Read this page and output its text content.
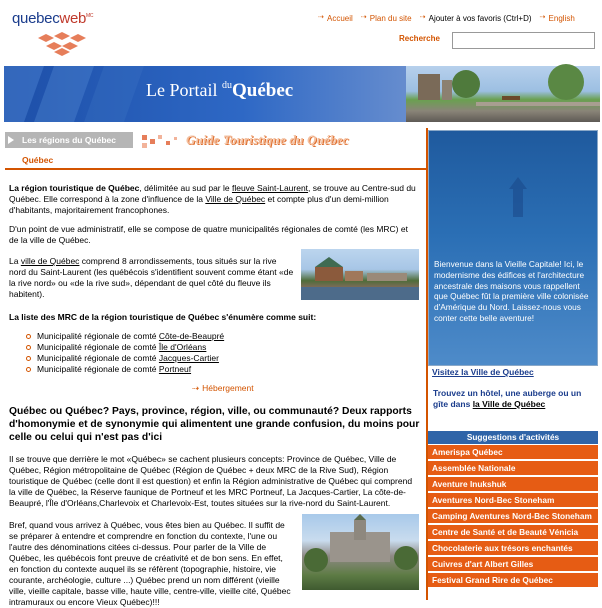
quebecweb$^{MC}$	⇢ Accueil ⇢ Plan du site ⇢ Ajouter à vos favoris (Ctrl+D) ⇢ English
Recherche
Le Portail $^{du}$Québec
Les régions du Québec	Guide Touristique du Québec
Québec

La région touristique de Québec, délimitée au sud par le fleuve Saint-Laurent, se trouve au Centre-sud du Québec. Elle correspond à la zone d'influence de la Ville de Québec et compte plus d'un demi-million d'habitants, majoritairement francophones.

D'un point de vue administratif, elle se compose de quatre municipalités régionales de comté (les MRC) et de la ville de Québec.

La ville de Québec comprend 8 arrondissements, tous situés sur la rive nord du Saint-Laurent (les québécois s'identifient souvent comme étant «de la rive nord» ou «de la rive sud», dépendant de quel côté du fleuve ils habitent).

La liste des MRC de la région touristique de Québec s'énumère comme suit:

Municipalité régionale de comté
Côte-de-Beaupré
Municipalité régionale de comté
Île d'Orléans
Municipalité régionale de comté
Jacques-Cartier
Municipalité régionale de comté
Portneuf
⇢ Hébergement
Québec ou Québec? Pays, province, région, ville, ou communauté? Deux rapports d'homonymie et de synonymie qui alimentent une grande confusion, du moins pour celle ou celui qui n'est pas d'ici

Il se trouve que derrière le mot «Québec» se cachent plusieurs concepts: Province de Québec, Ville de Québec, Région métropolitaine de Québec (Région de Québec + deux MRC de la Rive Sud), Région touristique de Québec (celle dont il est question) et enfin la Région administrative de Québec qui comprend la ville de Québec, la Réserve faunique de Portneuf et les MRC Portneuf, La Jacques-Cartier, La côte-de-Beaupré, l'Île d'Orléans,Charlevoix et Charlevoix-Est, toutes situées sur la rive-nord du Saint-Laurent.

Bref, quand vous arrivez à Québec, vous êtes bien au Québec. Il suffit de se préparer à entendre et comprendre en fonction du contexte, l'une ou l'autre des dénominations citées ci-dessus. Pour parler de la Ville de Québec, les québécois font preuve de créativité et de bon sens. En effet, en fonction du contexte auquel ils se réfèrent (topographie, histoire, vie courante, archéologie, culture ...) Québec prend un nom différent (vieille ville, vieille capitale, basse ville, haute ville, centre-ville, vieille cité, Québec intramuraux ou encore Vieux Québec)!!!

Bienvenue dans la Vieille Capitale! Ici, le modernisme des édifices et l'architecture ancestrale des maisons vous rappellent que Québec fût la première ville colonisée d'Amérique du Nord. Laissez-nous vous conter cette belle aventure!
Visitez la Ville de Québec
Trouvez un hôtel, une auberge ou un gîte dans la Ville de Québec
Suggestions d'activités
Amerispa Québec
Assemblée Nationale
Aventure Inukshuk
Aventures Nord-Bec Stoneham
Camping Aventures Nord-Bec Stoneham
Centre de Santé et de Beauté Vénicia
Chocolaterie aux trésors enchantés
Cuivres d'art Albert Gilles
Festival Grand Rire de Québec
